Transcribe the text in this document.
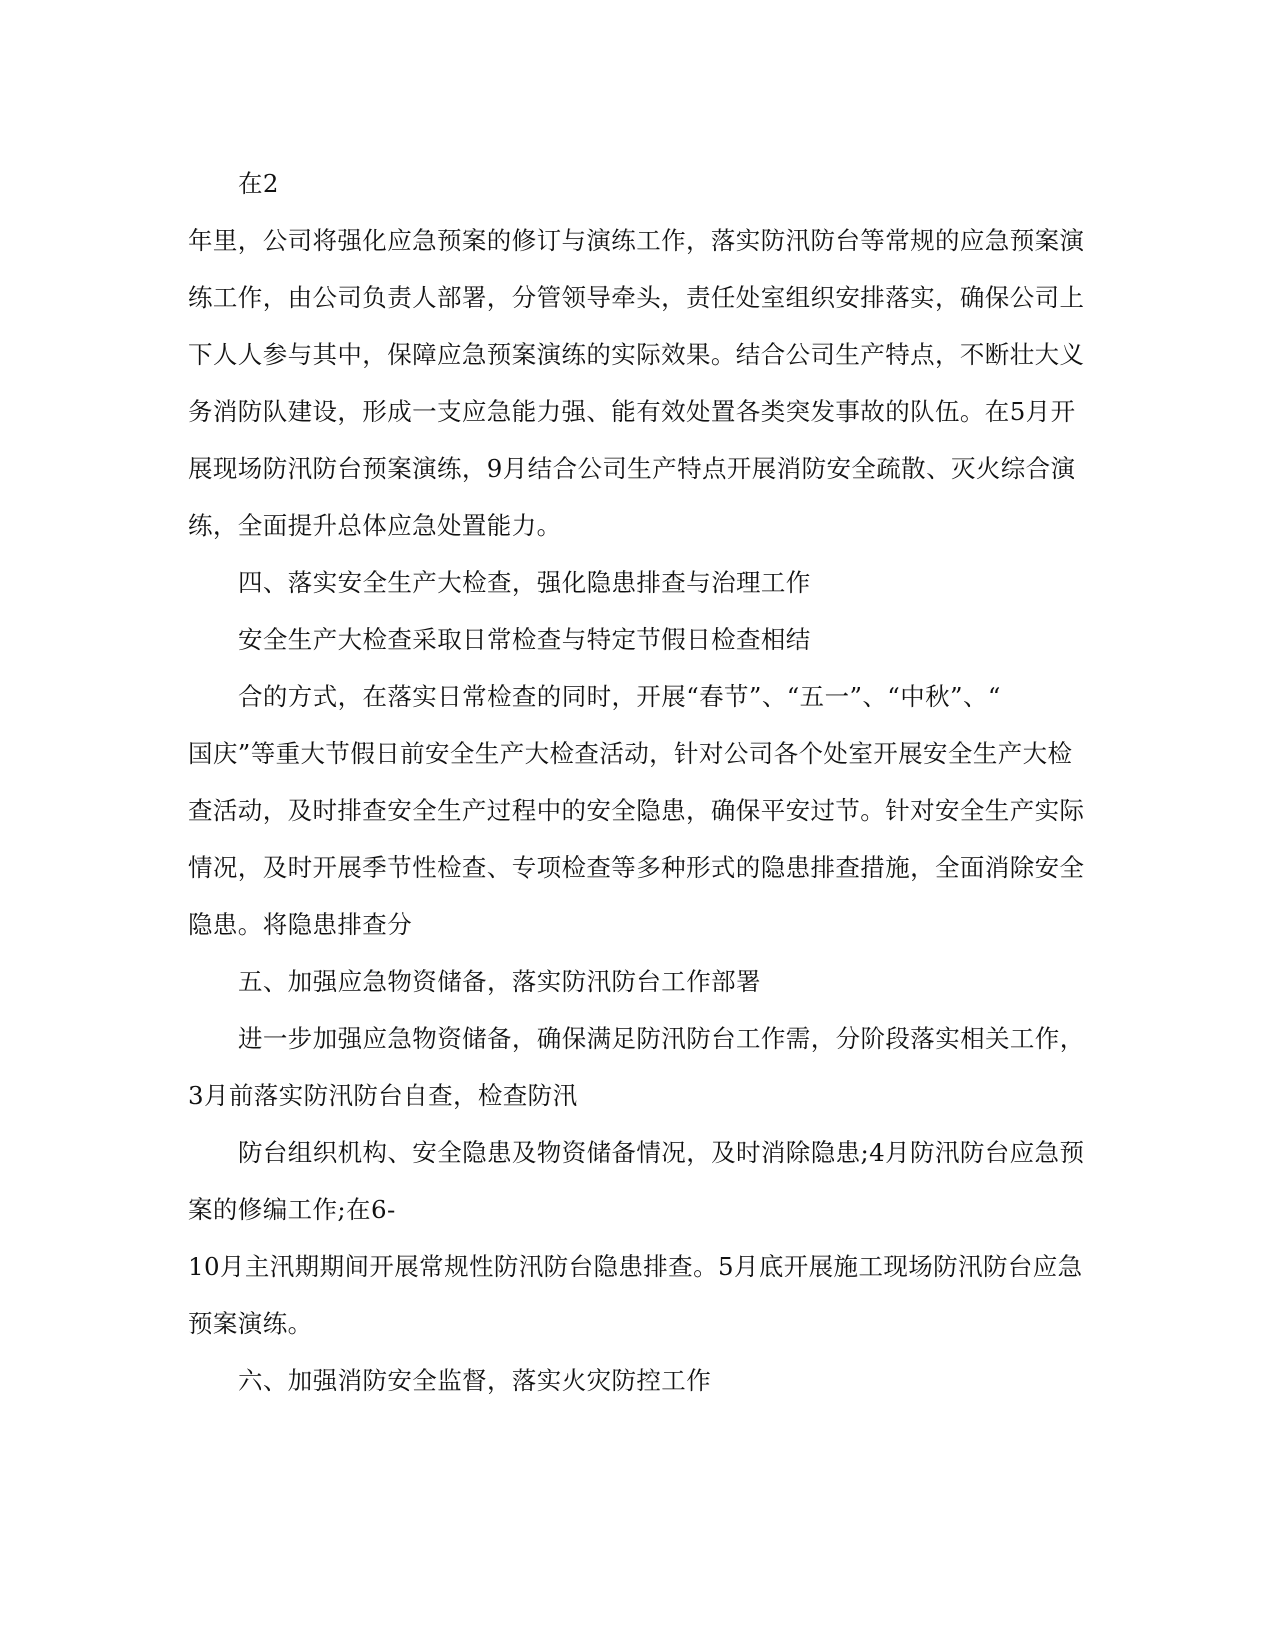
在2
年里，公司将强化应急预案的修订与演练工作，落实防汛防台等常规的应急预案演
练工作，由公司负责人部署，分管领导牵头，责任处室组织安排落实，确保公司上
下人人参与其中，保障应急预案演练的实际效果。结合公司生产特点，不断壮大义
务消防队建设，形成一支应急能力强、能有效处置各类突发事故的队伍。在5月开
展现场防汛防台预案演练，9月结合公司生产特点开展消防安全疏散、灭火综合演
练，全面提升总体应急处置能力。
四、落实安全生产大检查，强化隐患排查与治理工作
安全生产大检查采取日常检查与特定节假日检查相结
合的方式，在落实日常检查的同时，开展“春节”、“五一”、“中秋”、“
国庆”等重大节假日前安全生产大检查活动，针对公司各个处室开展安全生产大检
查活动，及时排查安全生产过程中的安全隐患，确保平安过节。针对安全生产实际
情况，及时开展季节性检查、专项检查等多种形式的隐患排查措施，全面消除安全
隐患。将隐患排查分
五、加强应急物资储备，落实防汛防台工作部署
进一步加强应急物资储备，确保满足防汛防台工作需，分阶段落实相关工作，
3月前落实防汛防台自查，检查防汛
防台组织机构、安全隐患及物资储备情况，及时消除隐患;4月防汛防台应急预
案的修编工作;在6-
10月主汛期期间开展常规性防汛防台隐患排查。5月底开展施工现场防汛防台应急
预案演练。
六、加强消防安全监督，落实火灾防控工作
